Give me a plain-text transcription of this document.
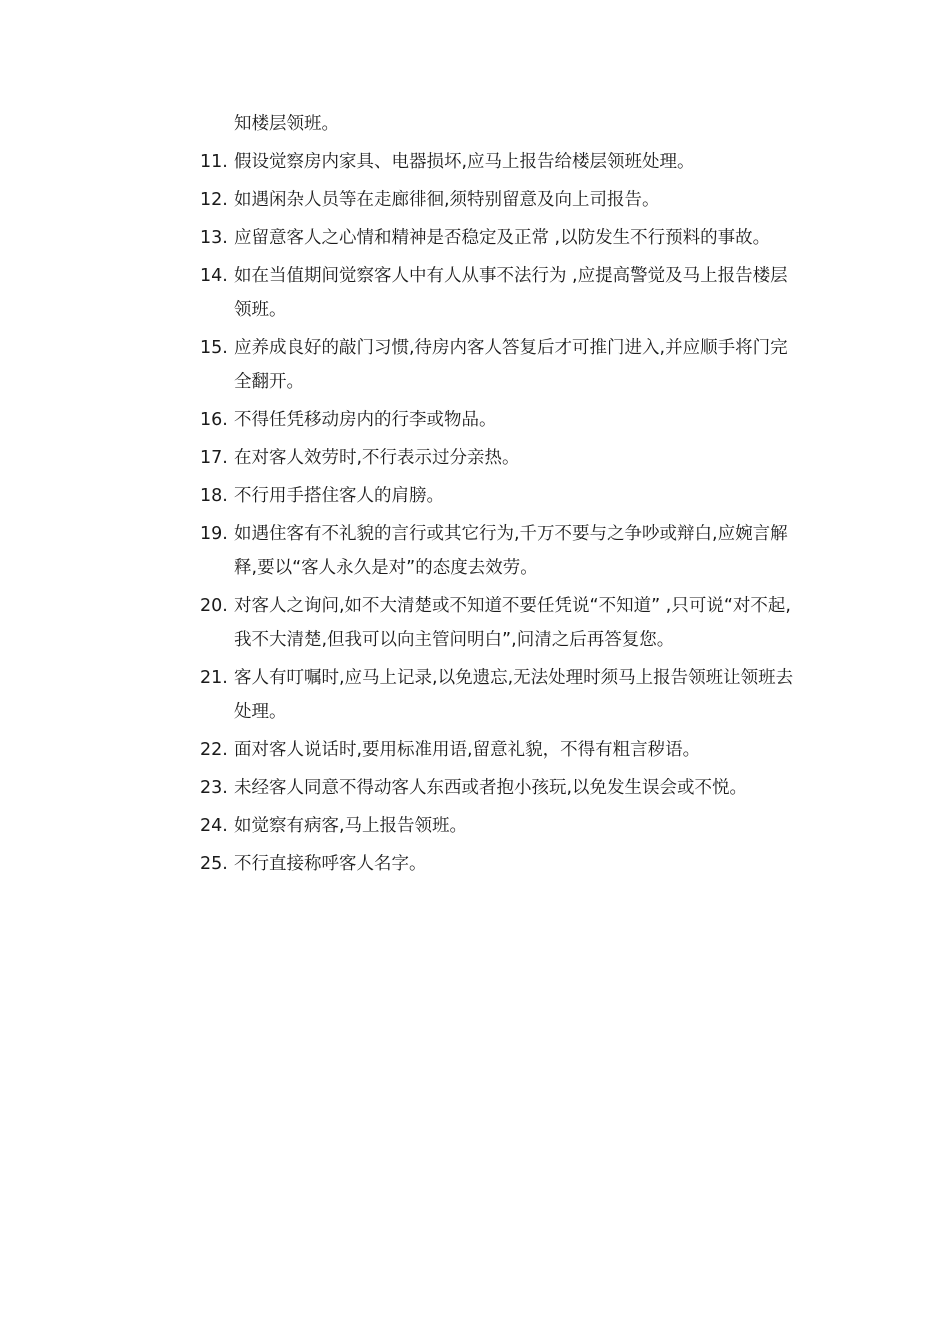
知楼层领班。
11. 假设觉察房内家具、电器损坏,应马上报告给楼层领班处理。
12. 如遇闲杂人员等在走廊徘徊,须特别留意及向上司报告。
13. 应留意客人之心情和精神是否稳定及正常 ,以防发生不行预料的事故。
14. 如在当值期间觉察客人中有人从事不法行为 ,应提高警觉及马上报告楼层领班。
15. 应养成良好的敲门习惯,待房内客人答复后才可推门进入,并应顺手将门完全翻开。
16. 不得任凭移动房内的行李或物品。
17. 在对客人效劳时,不行表示过分亲热。
18. 不行用手搭住客人的肩膀。
19. 如遇住客有不礼貌的言行或其它行为,千万不要与之争吵或辩白,应婉言解释,要以“客人永久是对”的态度去效劳。
20. 对客人之询问,如不大清楚或不知道不要任凭说“不知道” ,只可说“对不起,我不大清楚,但我可以向主管问明白”,问清之后再答复您。
21. 客人有叮嘱时,应马上记录,以免遗忘,无法处理时须马上报告领班让领班去处理。
22. 面对客人说话时,要用标准用语,留意礼貌，不得有粗言秽语。
23. 未经客人同意不得动客人东西或者抱小孩玩,以免发生误会或不悦。
24. 如觉察有病客,马上报告领班。
25. 不行直接称呼客人名字。
